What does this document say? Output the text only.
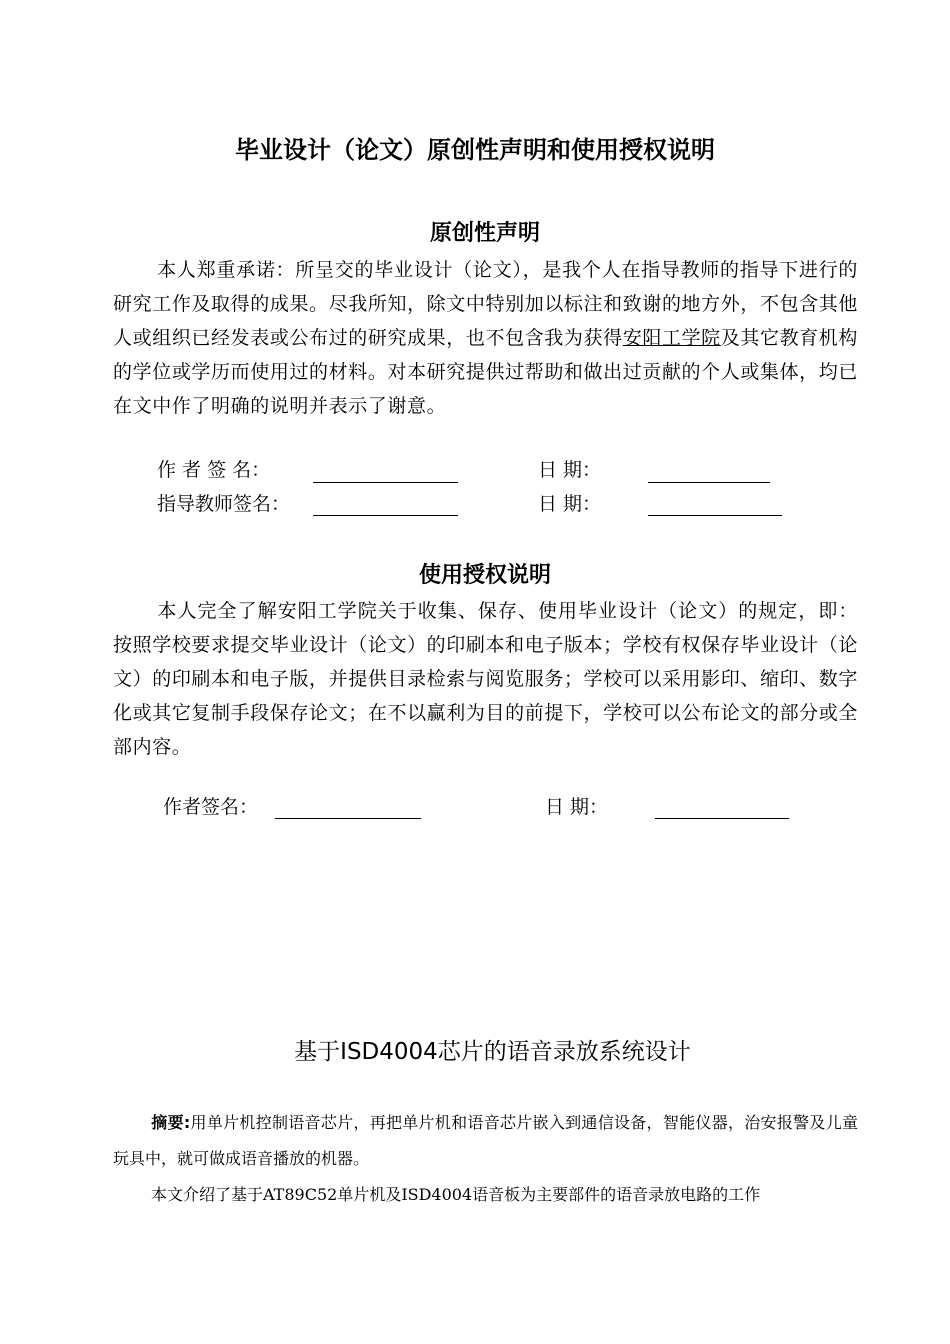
毕业设计（论文）原创性声明和使用授权说明
原创性声明
本人郑重承诺：所呈交的毕业设计（论文），是我个人在指导教师的指导下进行的研究工作及取得的成果。尽我所知，除文中特别加以标注和致谢的地方外，不包含其他人或组织已经发表或公布过的研究成果，也不包含我为获得安阳工学院及其它教育机构的学位或学历而使用过的材料。对本研究提供过帮助和做出过贡献的个人或集体，均已在文中作了明确的说明并表示了谢意。
作 者 签 名：	日 期：
指导教师签名：	日 期：
使用授权说明
本人完全了解安阳工学院关于收集、保存、使用毕业设计（论文）的规定，即：按照学校要求提交毕业设计（论文）的印刷本和电子版本；学校有权保存毕业设计（论文）的印刷本和电子版，并提供目录检索与阅览服务；学校可以采用影印、缩印、数字化或其它复制手段保存论文；在不以赢利为目的前提下，学校可以公布论文的部分或全部内容。
作者签名：	日 期：
基于ISD4004芯片的语音录放系统设计
摘要:用单片机控制语音芯片，再把单片机和语音芯片嵌入到通信设备，智能仪器，治安报警及儿童玩具中，就可做成语音播放的机器。
本文介绍了基于AT89C52单片机及ISD4004语音板为主要部件的语音录放电路的工作
